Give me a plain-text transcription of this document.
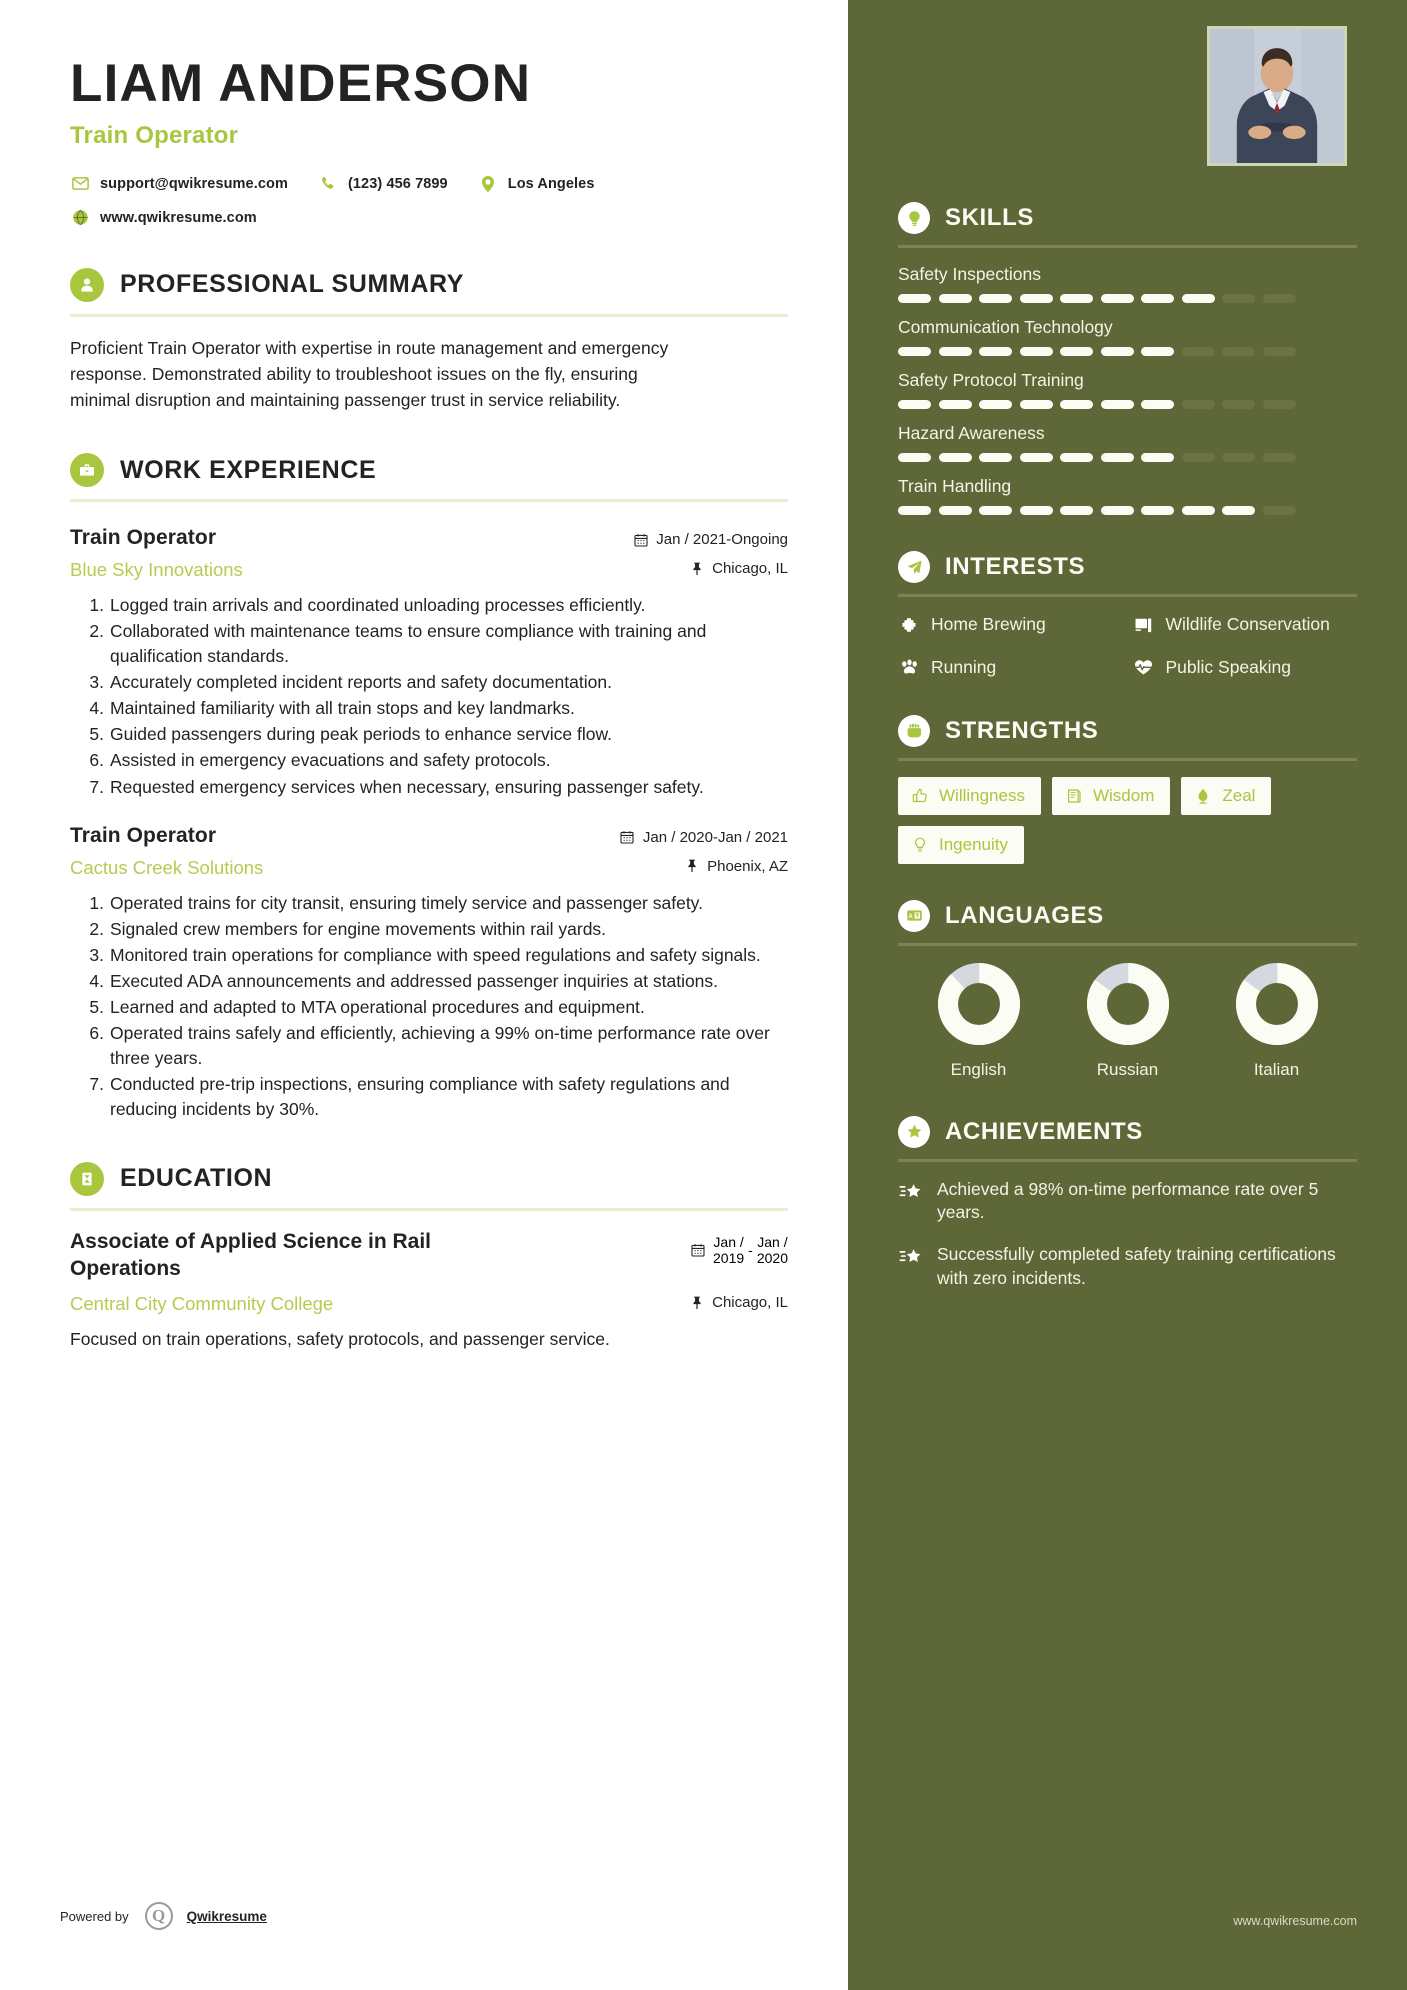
LIAM ANDERSON
Train Operator
support@qwikresume.com	(123) 456 7899	Los Angeles
www.qwikresume.com
PROFESSIONAL SUMMARY
Proficient Train Operator with expertise in route management and emergency response. Demonstrated ability to troubleshoot issues on the fly, ensuring minimal disruption and maintaining passenger trust in service reliability.
WORK EXPERIENCE
Train Operator
Blue Sky Innovations
Jan / 2021-Ongoing
Chicago, IL
Logged train arrivals and coordinated unloading processes efficiently.
Collaborated with maintenance teams to ensure compliance with training and qualification standards.
Accurately completed incident reports and safety documentation.
Maintained familiarity with all train stops and key landmarks.
Guided passengers during peak periods to enhance service flow.
Assisted in emergency evacuations and safety protocols.
Requested emergency services when necessary, ensuring passenger safety.
Train Operator
Cactus Creek Solutions
Jan / 2020-Jan / 2021
Phoenix, AZ
Operated trains for city transit, ensuring timely service and passenger safety.
Signaled crew members for engine movements within rail yards.
Monitored train operations for compliance with speed regulations and safety signals.
Executed ADA announcements and addressed passenger inquiries at stations.
Learned and adapted to MTA operational procedures and equipment.
Operated trains safely and efficiently, achieving a 99% on-time performance rate over three years.
Conducted pre-trip inspections, ensuring compliance with safety regulations and reducing incidents by 30%.
EDUCATION
Associate of Applied Science in Rail Operations
Jan /
2019
-
Jan /
2020
Central City Community College	Chicago, IL
Focused on train operations, safety protocols, and passenger service.
Powered by	Q	Qwikresume
SKILLS
Safety Inspections
Communication Technology
Safety Protocol Training
Hazard Awareness
Train Handling
INTERESTS
Home Brewing	Wildlife Conservation
Running	Public Speaking
STRENGTHS
Willingness	Wisdom	Zeal
Ingenuity
A LANGUAGES
English	Russian	Italian
ACHIEVEMENTS
Achieved a 98% on-time performance rate over 5 years.
Successfully completed safety training certifications with zero incidents.
www.qwikresume.com
